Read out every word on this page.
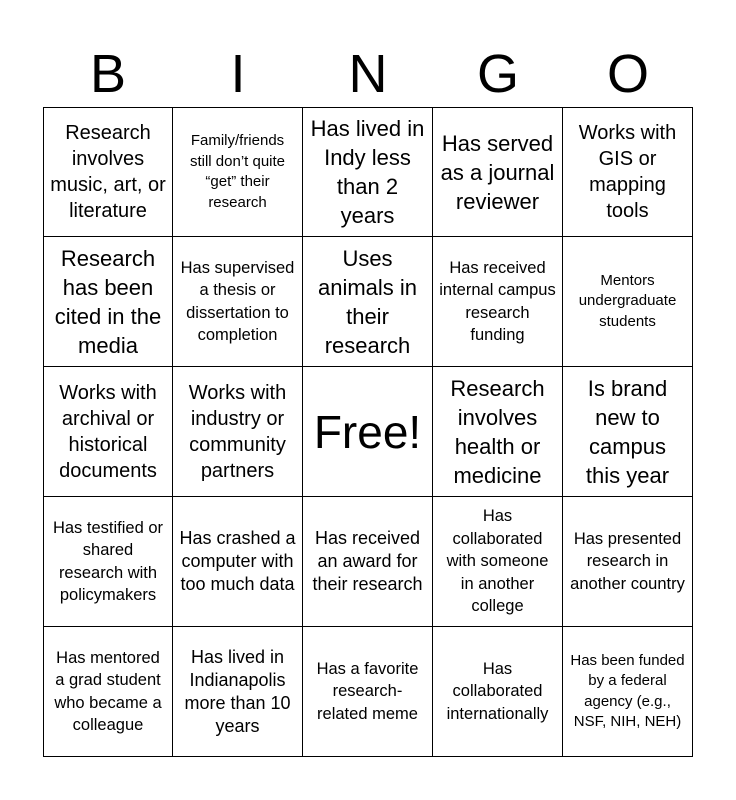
B	I	N	G	O
Research involves music, art, or literature
Family/friends still don’t quite “get” their research
Has lived in Indy less than 2 years
Has served as a journal reviewer
Works with GIS or mapping tools
Research has been cited in the media
Has supervised a thesis or dissertation to completion
Uses animals in their research
Has received internal campus research funding
Mentors undergraduate students
Works with archival or historical documents
Works with industry or community partners
Free!
Research involves health or medicine
Is brand new to campus this year
Has testified or shared research with policymakers
Has crashed a computer with too much data
Has received an award for their research
Has collaborated with someone in another college
Has presented research in another country
Has mentored a grad student who became a colleague
Has lived in Indianapolis more than 10 years
Has a favorite research-related meme
Has collaborated internationally
Has been funded by a federal agency (e.g., NSF, NIH, NEH)
